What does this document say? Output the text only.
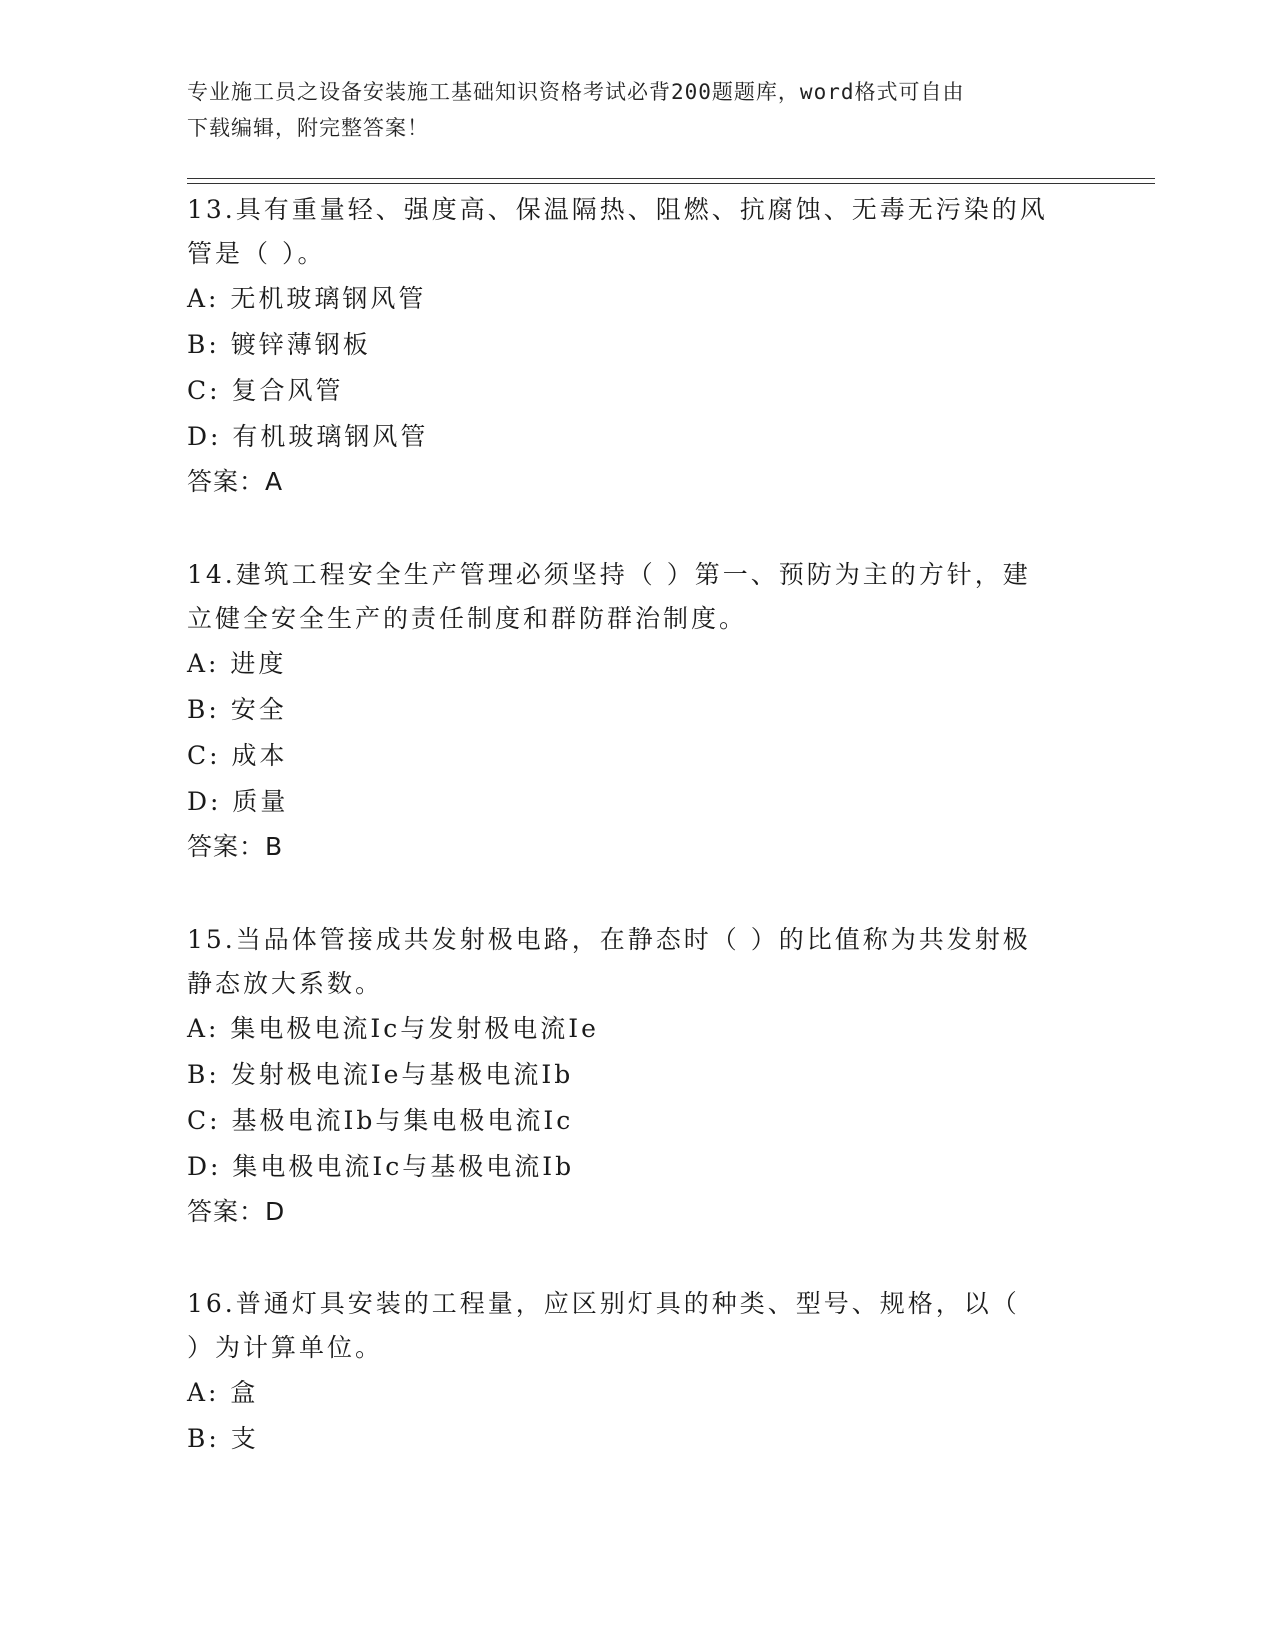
专业施工员之设备安装施工基础知识资格考试必背200题题库，word格式可自由
下载编辑，附完整答案！

13.具有重量轻、强度高、保温隔热、阻燃、抗腐蚀、无毒无污染的风

管是（ ）。

A: 无机玻璃钢风管

B: 镀锌薄钢板

C: 复合风管

D: 有机玻璃钢风管

答案：A

14.建筑工程安全生产管理必须坚持（ ）第一、预防为主的方针，建

立健全安全生产的责任制度和群防群治制度。

A: 进度

B: 安全

C: 成本

D: 质量

答案：B

15.当品体管接成共发射极电路，在静态时（ ）的比值称为共发射极

静态放大系数。

A: 集电极电流Ic与发射极电流Ie

B: 发射极电流Ie与基极电流Ib

C: 基极电流Ib与集电极电流Ic

D: 集电极电流Ic与基极电流Ib

答案：D

16.普通灯具安装的工程量，应区别灯具的种类、型号、规格，以（

）为计算单位。

A: 盒

B: 支
